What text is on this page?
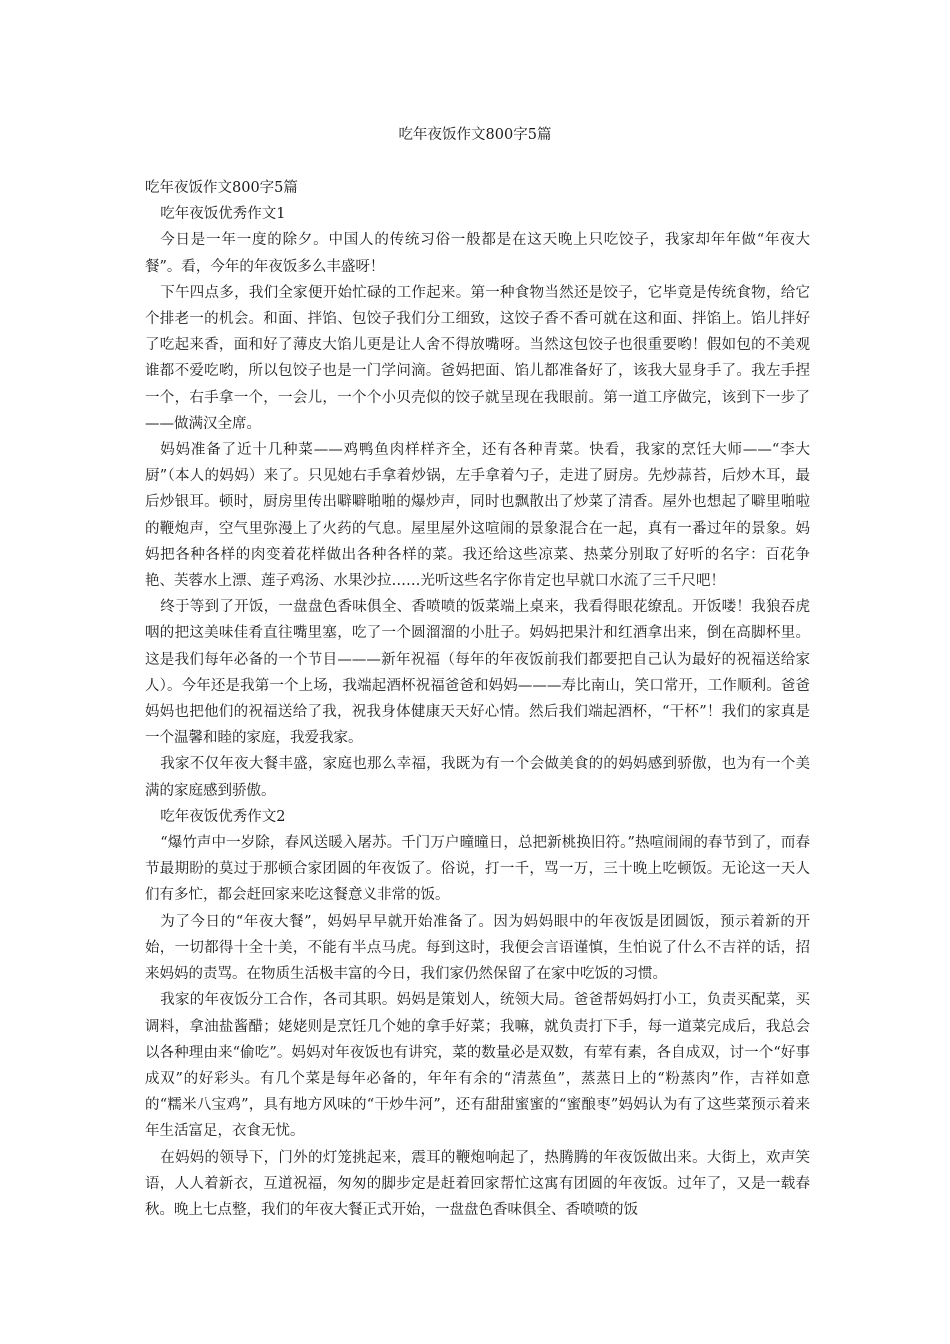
吃年夜饭作文800字5篇

吃年夜饭作文800字5篇

吃年夜饭优秀作文1

今日是一年一度的除夕。中国人的传统习俗一般都是在这天晚上只吃饺子，我家却年年做“年夜大餐”。看，今年的年夜饭多么丰盛呀！

下午四点多，我们全家便开始忙碌的工作起来。第一种食物当然还是饺子，它毕竟是传统食物，给它个排老一的机会。和面、拌馅、包饺子我们分工细致，这饺子香不香可就在这和面、拌馅上。馅儿拌好了吃起来香，面和好了薄皮大馅儿更是让人舍不得放嘴呀。当然这包饺子也很重要哟！假如包的不美观谁都不爱吃哟，所以包饺子也是一门学问滴。爸妈把面、馅儿都准备好了，该我大显身手了。我左手捏一个，右手拿一个，一会儿，一个个小贝壳似的饺子就呈现在我眼前。第一道工序做完，该到下一步了——做满汉全席。

妈妈准备了近十几种菜——鸡鸭鱼肉样样齐全，还有各种青菜。快看，我家的烹饪大师——“李大厨”（本人的妈妈）来了。只见她右手拿着炒锅，左手拿着勺子，走进了厨房。先炒蒜苔，后炒木耳，最后炒银耳。顿时，厨房里传出噼噼啪啪的爆炒声，同时也飘散出了炒菜了清香。屋外也想起了噼里啪啦的鞭炮声，空气里弥漫上了火药的气息。屋里屋外这喧闹的景象混合在一起，真有一番过年的景象。妈妈把各种各样的肉变着花样做出各种各样的菜。我还给这些凉菜、热菜分别取了好听的名字：百花争艳、芙蓉水上漂、莲子鸡汤、水果沙拉……光听这些名字你肯定也早就口水流了三千尺吧！

终于等到了开饭，一盘盘色香味俱全、香喷喷的饭菜端上桌来，我看得眼花缭乱。开饭喽！我狼吞虎咽的把这美味佳肴直往嘴里塞，吃了一个圆溜溜的小肚子。妈妈把果汁和红酒拿出来，倒在高脚杯里。这是我们每年必备的一个节目———新年祝福（每年的年夜饭前我们都要把自己认为最好的祝福送给家人）。今年还是我第一个上场，我端起酒杯祝福爸爸和妈妈———寿比南山，笑口常开，工作顺利。爸爸妈妈也把他们的祝福送给了我，祝我身体健康天天好心情。然后我们端起酒杯，“干杯”！我们的家真是一个温馨和睦的家庭，我爱我家。

我家不仅年夜大餐丰盛，家庭也那么幸福，我既为有一个会做美食的的妈妈感到骄傲，也为有一个美满的家庭感到骄傲。

吃年夜饭优秀作文2

“爆竹声中一岁除，春风送暖入屠苏。千门万户曈曈日，总把新桃换旧符。”热喧闹闹的春节到了，而春节最期盼的莫过于那顿合家团圆的年夜饭了。俗说，打一千，骂一万，三十晚上吃顿饭。无论这一天人们有多忙，都会赶回家来吃这餐意义非常的饭。

为了今日的“年夜大餐”，妈妈早早就开始准备了。因为妈妈眼中的年夜饭是团圆饭，预示着新的开始，一切都得十全十美，不能有半点马虎。每到这时，我便会言语谨慎，生怕说了什么不吉祥的话，招来妈妈的责骂。在物质生活极丰富的今日，我们家仍然保留了在家中吃饭的习惯。

我家的年夜饭分工合作，各司其职。妈妈是策划人，统领大局。爸爸帮妈妈打小工，负责买配菜，买调料，拿油盐酱醋；姥姥则是烹饪几个她的拿手好菜；我嘛，就负责打下手，每一道菜完成后，我总会以各种理由来“偷吃”。妈妈对年夜饭也有讲究，菜的数量必是双数，有荤有素，各自成双，讨一个“好事成双”的好彩头。有几个菜是每年必备的，年年有余的“清蒸鱼”，蒸蒸日上的“粉蒸肉”作，吉祥如意的“糯米八宝鸡”，具有地方风味的“干炒牛河”，还有甜甜蜜蜜的“蜜酿枣”妈妈认为有了这些菜预示着来年生活富足，衣食无忧。

在妈妈的领导下，门外的灯笼挑起来，震耳的鞭炮响起了，热腾腾的年夜饭做出来。大街上，欢声笑语，人人着新衣，互道祝福，匆匆的脚步定是赶着回家帮忙这寓有团圆的年夜饭。过年了，又是一载春秋。晚上七点整，我们的年夜大餐正式开始，一盘盘色香味俱全、香喷喷的饭
